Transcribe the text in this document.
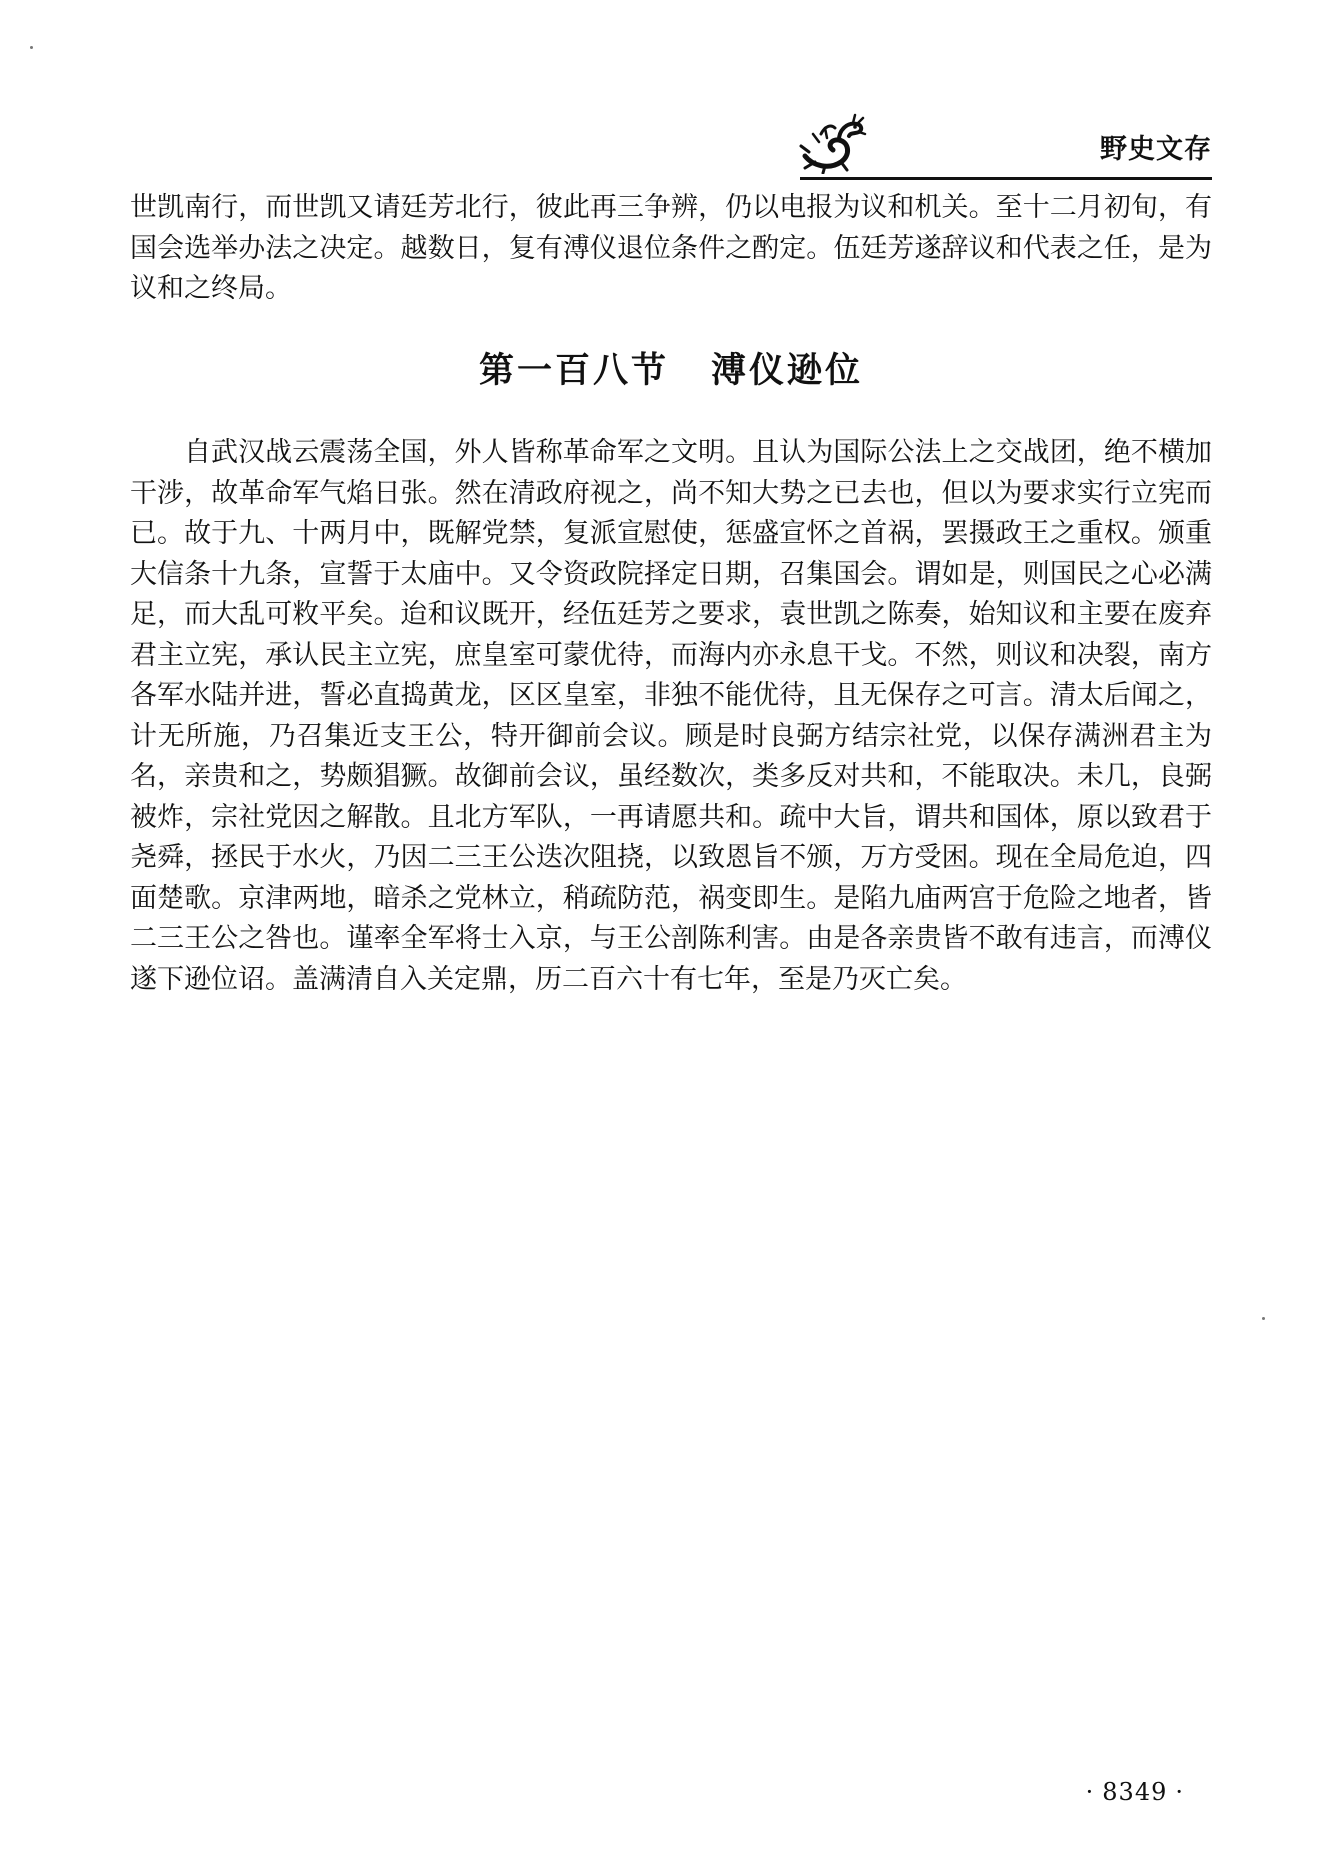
野史文存

世凯南行，而世凯又请廷芳北行，彼此再三争辨，仍以电报为议和机关。至十二月初旬，有国会选举办法之决定。越数日，复有溥仪退位条件之酌定。伍廷芳遂辞议和代表之任，是为议和之终局。

第一百八节 溥仪逊位

自武汉战云震荡全国，外人皆称革命军之文明。且认为国际公法上之交战团，绝不横加干涉，故革命军气焰日张。然在清政府视之，尚不知大势之已去也，但以为要求实行立宪而已。故于九、十两月中，既解党禁，复派宣慰使，惩盛宣怀之首祸，罢摄政王之重权。颁重大信条十九条，宣誓于太庙中。又令资政院择定日期，召集国会。谓如是，则国民之心必满足，而大乱可敉平矣。迨和议既开，经伍廷芳之要求，袁世凯之陈奏，始知议和主要在废弃君主立宪，承认民主立宪，庶皇室可蒙优待，而海内亦永息干戈。不然，则议和决裂，南方各军水陆并进，誓必直捣黄龙，区区皇室，非独不能优待，且无保存之可言。清太后闻之，计无所施，乃召集近支王公，特开御前会议。顾是时良弼方结宗社党，以保存满洲君主为名，亲贵和之，势颇猖獗。故御前会议，虽经数次，类多反对共和，不能取决。未几，良弼被炸，宗社党因之解散。且北方军队，一再请愿共和。疏中大旨，谓共和国体，原以致君于尧舜，拯民于水火，乃因二三王公迭次阻挠，以致恩旨不颁，万方受困。现在全局危迫，四面楚歌。京津两地，暗杀之党林立，稍疏防范，祸变即生。是陷九庙两宫于危险之地者，皆二三王公之咎也。谨率全军将士入京，与王公剖陈利害。由是各亲贵皆不敢有违言，而溥仪遂下逊位诏。盖满清自入关定鼎，历二百六十有七年，至是乃灭亡矣。

· 8349 ·
